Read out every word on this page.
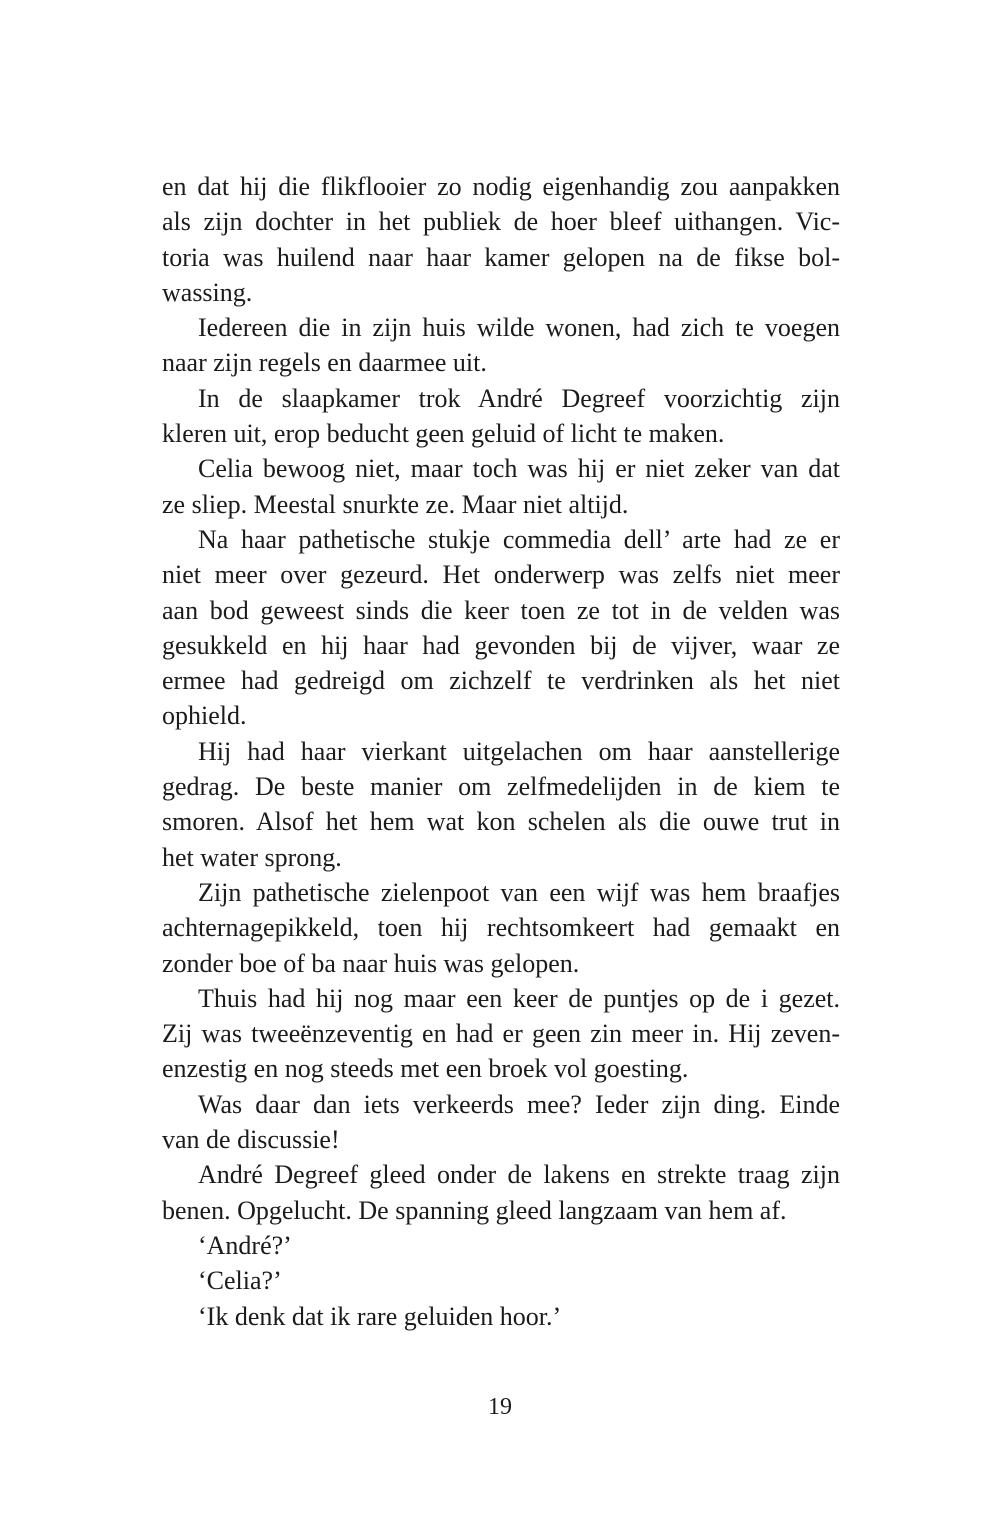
en dat hij die flikflooier zo nodig eigenhandig zou aanpakken
als zijn dochter in het publiek de hoer bleef uithangen. Vic-
toria was huilend naar haar kamer gelopen na de fikse bol-
wassing.
Iedereen die in zijn huis wilde wonen, had zich te voegen
naar zijn regels en daarmee uit.
In de slaapkamer trok André Degreef voorzichtig zijn
kleren uit, erop beducht geen geluid of licht te maken.
Celia bewoog niet, maar toch was hij er niet zeker van dat
ze sliep. Meestal snurkte ze. Maar niet altijd.
Na haar pathetische stukje commedia dell’ arte had ze er
niet meer over gezeurd. Het onderwerp was zelfs niet meer
aan bod geweest sinds die keer toen ze tot in de velden was
gesukkeld en hij haar had gevonden bij de vijver, waar ze
ermee had gedreigd om zichzelf te verdrinken als het niet
ophield.
Hij had haar vierkant uitgelachen om haar aanstellerige
gedrag. De beste manier om zelfmedelijden in de kiem te
smoren. Alsof het hem wat kon schelen als die ouwe trut in
het water sprong.
Zijn pathetische zielenpoot van een wijf was hem braafjes
achternagepikkeld, toen hij rechtsomkeert had gemaakt en
zonder boe of ba naar huis was gelopen.
Thuis had hij nog maar een keer de puntjes op de i gezet.
Zij was tweeënzeventig en had er geen zin meer in. Hij zeven-
enzestig en nog steeds met een broek vol goesting.
Was daar dan iets verkeerds mee? Ieder zijn ding. Einde
van de discussie!
André Degreef gleed onder de lakens en strekte traag zijn
benen. Opgelucht. De spanning gleed langzaam van hem af.
‘André?’
‘Celia?’
‘Ik denk dat ik rare geluiden hoor.’
19
